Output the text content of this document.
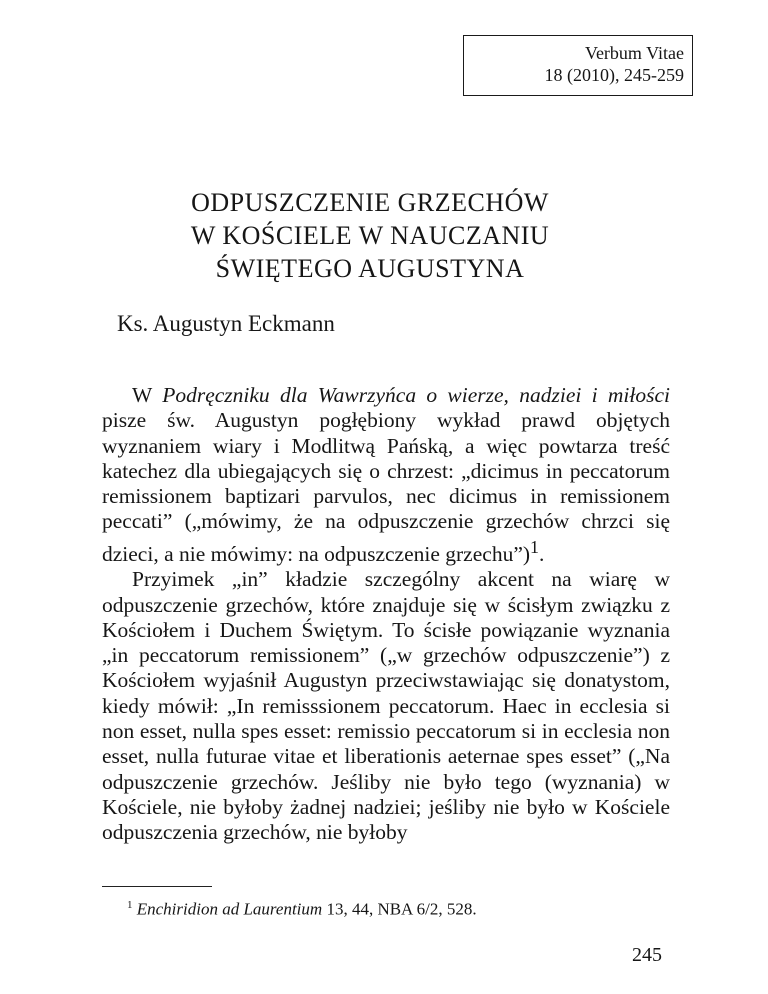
Verbum Vitae
18 (2010), 245-259
ODPUSZCZENIE GRZECHÓW
W KOŚCIELE W NAUCZANIU
ŚWIĘTEGO AUGUSTYNA
Ks. Augustyn Eckmann

W Podręczniku dla Wawrzyńca o wierze, nadziei i miłości pisze św. Augustyn pogłębiony wykład prawd objętych wyznaniem wiary i Modlitwą Pańską, a więc powtarza treść katechez dla ubiegających się o chrzest: „dicimus in peccatorum remissionem baptizari parvulos, nec dicimus in remissionem peccati” („mówimy, że na odpuszczenie grzechów chrzci się dzieci, a nie mówimy: na odpuszczenie grzechu”)$^1$.

Przyimek „in” kładzie szczególny akcent na wiarę w odpuszczenie grzechów, które znajduje się w ścisłym związku z Kościołem i Duchem Świętym. To ścisłe powiązanie wyznania „in peccatorum remissionem” („w grzechów odpuszczenie”) z Kościołem wyjaśnił Augustyn przeciwstawiając się donatystom, kiedy mówił: „In remisssionem peccatorum. Haec in ecclesia si non esset, nulla spes esset: remissio peccatorum si in ecclesia non esset, nulla futurae vitae et liberationis aeternae spes esset” („Na odpuszczenie grzechów. Jeśliby nie było tego (wyznania) w Kościele, nie byłoby żadnej nadziei; jeśliby nie było w Kościele odpuszczenia grzechów, nie byłoby

$^1$ Enchiridion ad Laurentium 13, 44, NBA 6/2, 528.
245
